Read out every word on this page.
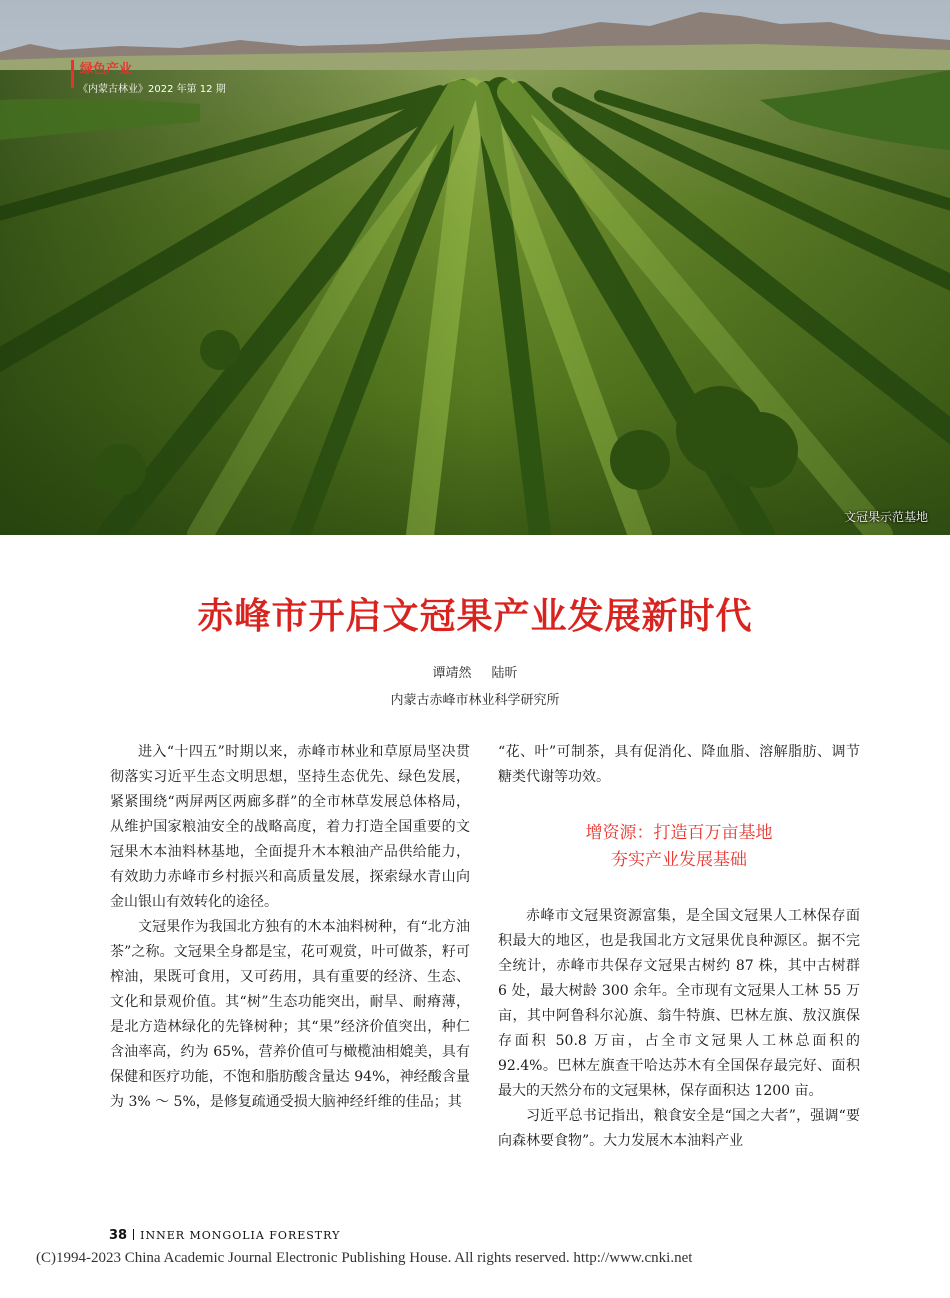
绿色产业
《内蒙古林业》2022 年第 12 期
文冠果示范基地
赤峰市开启文冠果产业发展新时代
谭靖然 陆昕
内蒙古赤峰市林业科学研究所

进入“十四五”时期以来，赤峰市林业和草原局坚决贯彻落实习近平生态文明思想，坚持生态优先、绿色发展，紧紧围绕“两屏两区两廊多群”的全市林草发展总体格局，从维护国家粮油安全的战略高度，着力打造全国重要的文冠果木本油料林基地，全面提升木本粮油产品供给能力，有效助力赤峰市乡村振兴和高质量发展，探索绿水青山向金山银山有效转化的途径。

文冠果作为我国北方独有的木本油料树种，有“北方油茶”之称。文冠果全身都是宝，花可观赏，叶可做茶，籽可榨油，果既可食用，又可药用，具有重要的经济、生态、文化和景观价值。其“树”生态功能突出，耐旱、耐瘠薄，是北方造林绿化的先锋树种；其“果”经济价值突出，种仁含油率高，约为 65%，营养价值可与橄榄油相媲美，具有保健和医疗功能，不饱和脂肪酸含量达 94%，神经酸含量为 3% ～ 5%，是修复疏通受损大脑神经纤维的佳品；其

“花、叶”可制茶，具有促消化、降血脂、溶解脂肪、调节糖类代谢等功效。

增资源：打造百万亩基地
夯实产业发展基础

赤峰市文冠果资源富集，是全国文冠果人工林保存面积最大的地区，也是我国北方文冠果优良种源区。据不完全统计，赤峰市共保存文冠果古树约 87 株，其中古树群 6 处，最大树龄 300 余年。全市现有文冠果人工林 55 万亩，其中阿鲁科尔沁旗、翁牛特旗、巴林左旗、敖汉旗保存面积 50.8 万亩，占全市文冠果人工林总面积的 92.4%。巴林左旗查干哈达苏木有全国保存最完好、面积最大的天然分布的文冠果林，保存面积达 1200 亩。

习近平总书记指出，粮食安全是“国之大者”，强调“要向森林要食物”。大力发展木本油料产业

38 INNER MONGOLIA FORESTRY
(C)1994-2023 China Academic Journal Electronic Publishing House. All rights reserved. http://www.cnki.net
